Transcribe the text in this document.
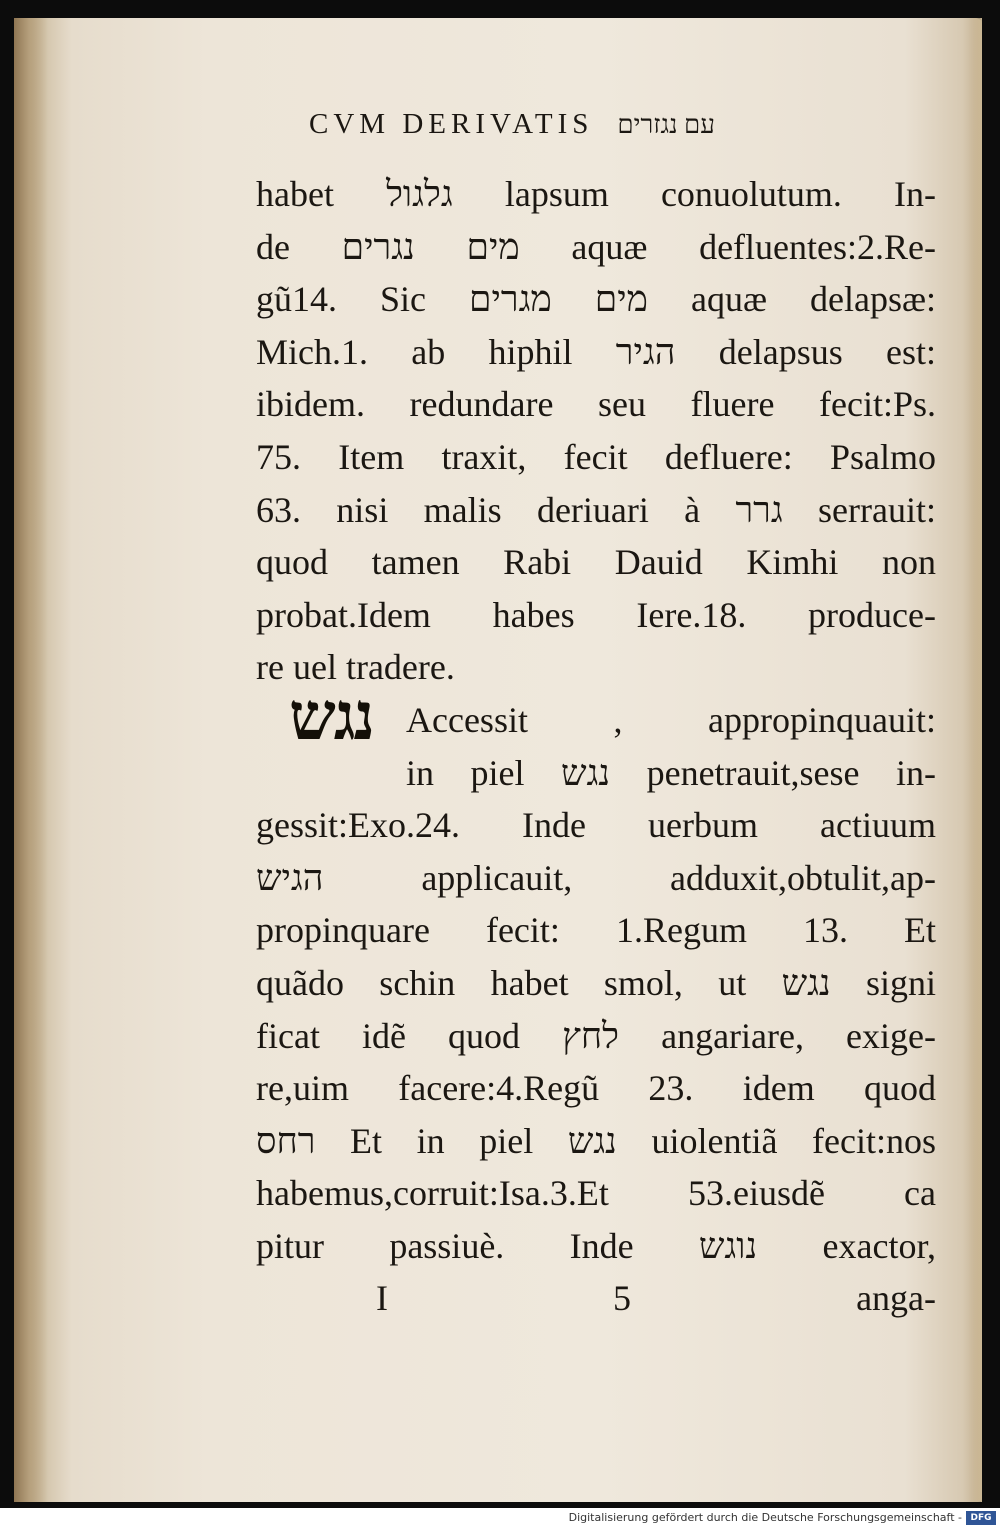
CVM DERIVATIS עם נגזרים
habet גלגול lapsum conuolutum. In-
de מים נגרים aquæ defluentes:2.Re-
gũ14. Sic מים מגרים aquæ delapsæ:
Mich.1. ab hiphil הגיר delapsus est:
ibidem. redundare seu fluere fecit:Ps.
75. Item traxit, fecit defluere: Psalmo
63. nisi malis deriuari à גרר serrauit:
quod tamen Rabi Dauid Kimhi non
probat.Idem habes Iere.18. produce-
re uel tradere.
Accessit , appropinquauit:
in piel נגש penetrauit,sese in-
gessit:Exo.24. Inde uerbum actiuum
הגיש applicauit, adduxit,obtulit,ap-
propinquare fecit: 1.Regum 13. Et
quãdo schin habet smol, ut נגש signi
ficat idẽ quod לחץ angariare, exige-
re,uim facere:4.Regũ 23. idem quod
רחס Et in piel נגש uiolentiã fecit:nos
habemus,corruit:Isa.3.Et 53.eiusdẽ ca
pitur passiuè. Inde נוגש exactor,
I	5	anga-
נגש
Digitalisierung gefördert durch die Deutsche Forschungsgemeinschaft - DFG
